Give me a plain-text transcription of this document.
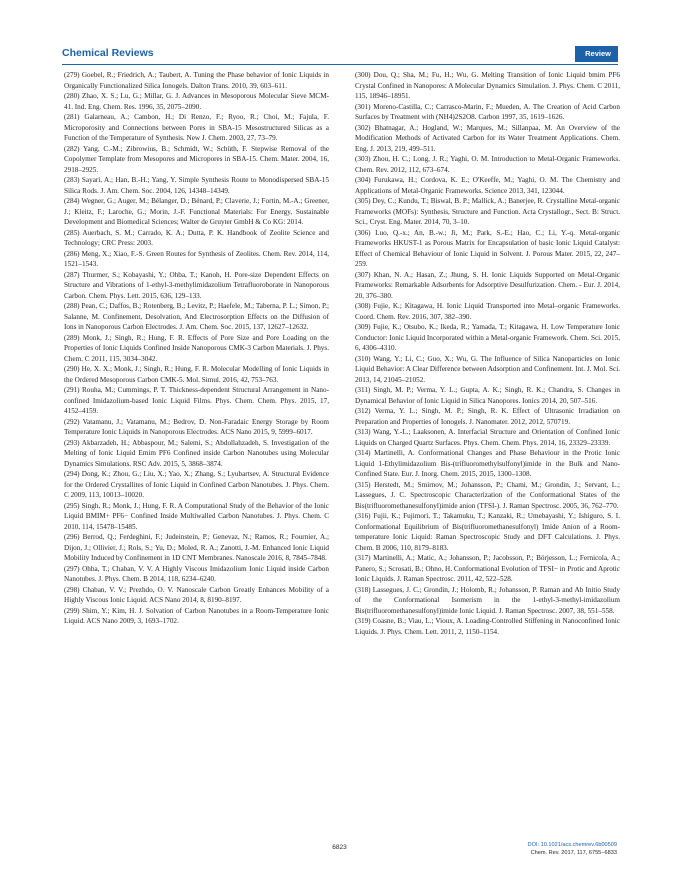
Chemical Reviews	Review

(279) Goebel, R.; Friedrich, A.; Taubert, A. Tuning the Phase behavior of Ionic Liquids in Organically Functionalized Silica Ionogels. Dalton Trans. 2010, 39, 603–611.

(280) Zhao, X. S.; Lu, G.; Millar, G. J. Advances in Mesoporous Molecular Sieve MCM-41. Ind. Eng. Chem. Res. 1996, 35, 2075–2090.

(281) Galarneau, A.; Cambon, H.; Di Renzo, F.; Ryoo, R.; Choi, M.; Fajula, F. Microporosity and Connections between Pores in SBA-15 Mesostructured Silicas as a Function of the Temperature of Synthesis. New J. Chem. 2003, 27, 73–79.

(282) Yang, C.-M.; Zibrowius, B.; Schmidt, W.; Schüth, F. Stepwise Removal of the Copolymer Template from Mesopores and Micropores in SBA-15. Chem. Mater. 2004, 16, 2918–2925.

(283) Sayari, A.; Han, B.-H.; Yang, Y. Simple Synthesis Route to Monodispersed SBA-15 Silica Rods. J. Am. Chem. Soc. 2004, 126, 14348–14349.

(284) Wegner, G.; Auger, M.; Bélanger, D.; Bénard, P.; Claverie, J.; Fortin, M.-A.; Greener, J.; Kleitz, F.; Laroche, G.; Morin, J.-F. Functional Materials: For Energy, Sustainable Development and Biomedical Sciences; Walter de Gruyter GmbH & Co KG: 2014.

(285) Auerbach, S. M.; Carrado, K. A.; Dutta, P. K. Handbook of Zeolite Science and Technology; CRC Press: 2003.

(286) Meng, X.; Xiao, F.-S. Green Routes for Synthesis of Zeolites. Chem. Rev. 2014, 114, 1521–1543.

(287) Thurmer, S.; Kobayashi, Y.; Ohba, T.; Kanoh, H. Pore-size Dependent Effects on Structure and Vibrations of 1-ethyl-3-methylimidazolium Tetrafluoroborate in Nanoporous Carbon. Chem. Phys. Lett. 2015, 636, 129–133.

(288) Pean, C.; Daffos, B.; Rotenberg, B.; Levitz, P.; Haefele, M.; Taberna, P. L.; Simon, P.; Salanne, M. Confinement, Desolvation, And Electrosorption Effects on the Diffusion of Ions in Nanoporous Carbon Electrodes. J. Am. Chem. Soc. 2015, 137, 12627–12632.

(289) Monk, J.; Singh, R.; Hung, F. R. Effects of Pore Size and Pore Loading on the Properties of Ionic Liquids Confined Inside Nanoporous CMK-3 Carbon Materials. J. Phys. Chem. C 2011, 115, 3034–3042.

(290) He, X. X.; Monk, J.; Singh, R.; Hung, F. R. Molecular Modelling of Ionic Liquids in the Ordered Mesoporous Carbon CMK-5. Mol. Simul. 2016, 42, 753–763.

(291) Rouha, M.; Cummings, P. T. Thickness-dependent Structural Arrangement in Nano-confined Imidazolium-based Ionic Liquid Films. Phys. Chem. Chem. Phys. 2015, 17, 4152–4159.

(292) Vatamanu, J.; Vatamanu, M.; Bedrov, D. Non-Faradaic Energy Storage by Room Temperature Ionic Liquids in Nanoporous Electrodes. ACS Nano 2015, 9, 5999–6017.

(293) Akbarzadeh, H.; Abbaspour, M.; Salemi, S.; Abdollahzadeh, S. Investigation of the Melting of Ionic Liquid Emim PF6 Confined inside Carbon Nanotubes using Molecular Dynamics Simulations. RSC Adv. 2015, 5, 3868–3874.

(294) Dong, K.; Zhou, G.; Liu, X.; Yao, X.; Zhang, S.; Lyubartsev, A. Structural Evidence for the Ordered Crystallites of Ionic Liquid in Confined Carbon Nanotubes. J. Phys. Chem. C 2009, 113, 10013–10020.

(295) Singh, R.; Monk, J.; Hung, F. R. A Computational Study of the Behavior of the Ionic Liquid BMIM+ PF6− Confined Inside Multiwalled Carbon Nanotubes. J. Phys. Chem. C 2010, 114, 15478–15485.

(296) Berrod, Q.; Ferdeghini, F.; Judeinstein, P.; Genevaz, N.; Ramos, R.; Fournier, A.; Dijon, J.; Ollivier, J.; Rols, S.; Yu, D.; Moled, R. A.; Zanotti, J.-M. Enhanced Ionic Liquid Mobility Induced by Confinement in 1D CNT Membranes. Nanoscale 2016, 8, 7845–7848.

(297) Ohba, T.; Chaban, V. V. A Highly Viscous Imidazolium Ionic Liquid inside Carbon Nanotubes. J. Phys. Chem. B 2014, 118, 6234–6240.

(298) Chaban, V. V.; Prezhdo, O. V. Nanoscale Carbon Greatly Enhances Mobility of a Highly Viscous Ionic Liquid. ACS Nano 2014, 8, 8190–8197.

(299) Shim, Y.; Kim, H. J. Solvation of Carbon Nanotubes in a Room-Temperature Ionic Liquid. ACS Nano 2009, 3, 1693–1702.

(300) Dou, Q.; Sha, M.; Fu, H.; Wu, G. Melting Transition of Ionic Liquid bmim PF6 Crystal Confined in Nanopores: A Molecular Dynamics Simulation. J. Phys. Chem. C 2011, 115, 18946–18951.

(301) Moreno-Castilla, C.; Carrasco-Marin, F.; Mueden, A. The Creation of Acid Carbon Surfaces by Treatment with (NH4)2S2O8. Carbon 1997, 35, 1619–1626.

(302) Bhatnagar, A.; Hogland, W.; Marques, M.; Sillanpaa, M. An Overview of the Modification Methods of Activated Carbon for its Water Treatment Applications. Chem. Eng. J. 2013, 219, 499–511.

(303) Zhou, H. C.; Long, J. R.; Yaghi, O. M. Introduction to Metal-Organic Frameworks. Chem. Rev. 2012, 112, 673–674.

(304) Furukawa, H.; Cordova, K. E.; O'Keeffe, M.; Yaghi, O. M. The Chemistry and Applications of Metal-Organic Frameworks. Science 2013, 341, 123044.

(305) Dey, C.; Kundu, T.; Biswal, B. P.; Mallick, A.; Banerjee, R. Crystalline Metal-organic Frameworks (MOFs): Synthesis, Structure and Function. Acta Crystallogr., Sect. B: Struct. Sci., Cryst. Eng. Mater. 2014, 70, 3–10.

(306) Luo, Q.-x.; An, B.-w.; Ji, M.; Park, S.-E.; Hao, C.; Li, Y.-q. Metal-organic Frameworks HKUST-1 as Porous Matrix for Encapsulation of basic Ionic Liquid Catalyst: Effect of Chemical Behaviour of Ionic Liquid in Solvent. J. Porous Mater. 2015, 22, 247–259.

(307) Khan, N. A.; Hasan, Z.; Jhung, S. H. Ionic Liquids Supported on Metal-Organic Frameworks: Remarkable Adsorbents for Adsorptive Desulfurization. Chem. - Eur. J. 2014, 20, 376–380.

(308) Fujie, K.; Kitagawa, H. Ionic Liquid Transported into Metal–organic Frameworks. Coord. Chem. Rev. 2016, 307, 382–390.

(309) Fujie, K.; Otsubo, K.; Ikeda, R.; Yamada, T.; Kitagawa, H. Low Temperature Ionic Conductor: Ionic Liquid Incorporated within a Metal-organic Framework. Chem. Sci. 2015, 6, 4306–4310.

(310) Wang, Y.; Li, C.; Guo, X.; Wu, G. The Influence of Silica Nanoparticles on Ionic Liquid Behavior: A Clear Difference between Adsorption and Confinement. Int. J. Mol. Sci. 2013, 14, 21045–21052.

(311) Singh, M. P.; Verma, Y. L.; Gupta, A. K.; Singh, R. K.; Chandra, S. Changes in Dynamical Behavior of Ionic Liquid in Silica Nanopores. Ionics 2014, 20, 507–516.

(312) Verma, Y. L.; Singh, M. P.; Singh, R. K. Effect of Ultrasonic Irradiation on Preparation and Properties of Ionogels. J. Nanomater. 2012, 2012, 570719.

(313) Wang, Y.-L.; Laaksonen, A. Interfacial Structure and Orientation of Confined Ionic Liquids on Charged Quartz Surfaces. Phys. Chem. Chem. Phys. 2014, 16, 23329–23339.

(314) Martinelli, A. Conformational Changes and Phase Behaviour in the Protic Ionic Liquid 1-Ethylimidazolium Bis-(trifluoromethylsulfonyl)imide in the Bulk and Nano-Confined State. Eur. J. Inorg. Chem. 2015, 2015, 1300–1308.

(315) Herstedt, M.; Smirnov, M.; Johansson, P.; Chami, M.; Grondin, J.; Servant, L.; Lassegues, J. C. Spectroscopic Characterization of the Conformational States of the Bis(trifluoromethanesulfonyl)imide anion (TFSI-). J. Raman Spectrosc. 2005, 36, 762–770.

(316) Fujii, K.; Fujimori, T.; Takamuku, T.; Kanzaki, R.; Umebayashi, Y.; Ishiguro, S. I. Conformational Equilibrium of Bis(trifluoromethanesulfonyl) Imide Anion of a Room-temperature Ionic Liquid: Raman Spectroscopic Study and DFT Calculations. J. Phys. Chem. B 2006, 110, 8179–8183.

(317) Martinelli, A.; Matic, A.; Johansson, P.; Jacobsson, P.; Börjesson, L.; Fernicola, A.; Panero, S.; Scrosati, B.; Ohno, H. Conformational Evolution of TFSI− in Protic and Aprotic Ionic Liquids. J. Raman Spectrosc. 2011, 42, 522–528.

(318) Lassegues, J. C.; Grondin, J.; Holomb, R.; Johansson, P. Raman and Ab Initio Study of the Conformational Isomerism in the 1-ethyl-3-methyl-imidazolium Bis(trifluoromethanesulfonyl)imide Ionic Liquid. J. Raman Spectrosc. 2007, 38, 551–558.

(319) Coasne, B.; Viau, L.; Vioux, A. Loading-Controlled Stiffening in Nanoconfined Ionic Liquids. J. Phys. Chem. Lett. 2011, 2, 1150–1154.

6823	DOI: 10.1021/acs.chemrev.6b00509
Chem. Rev. 2017, 117, 6755−6833
